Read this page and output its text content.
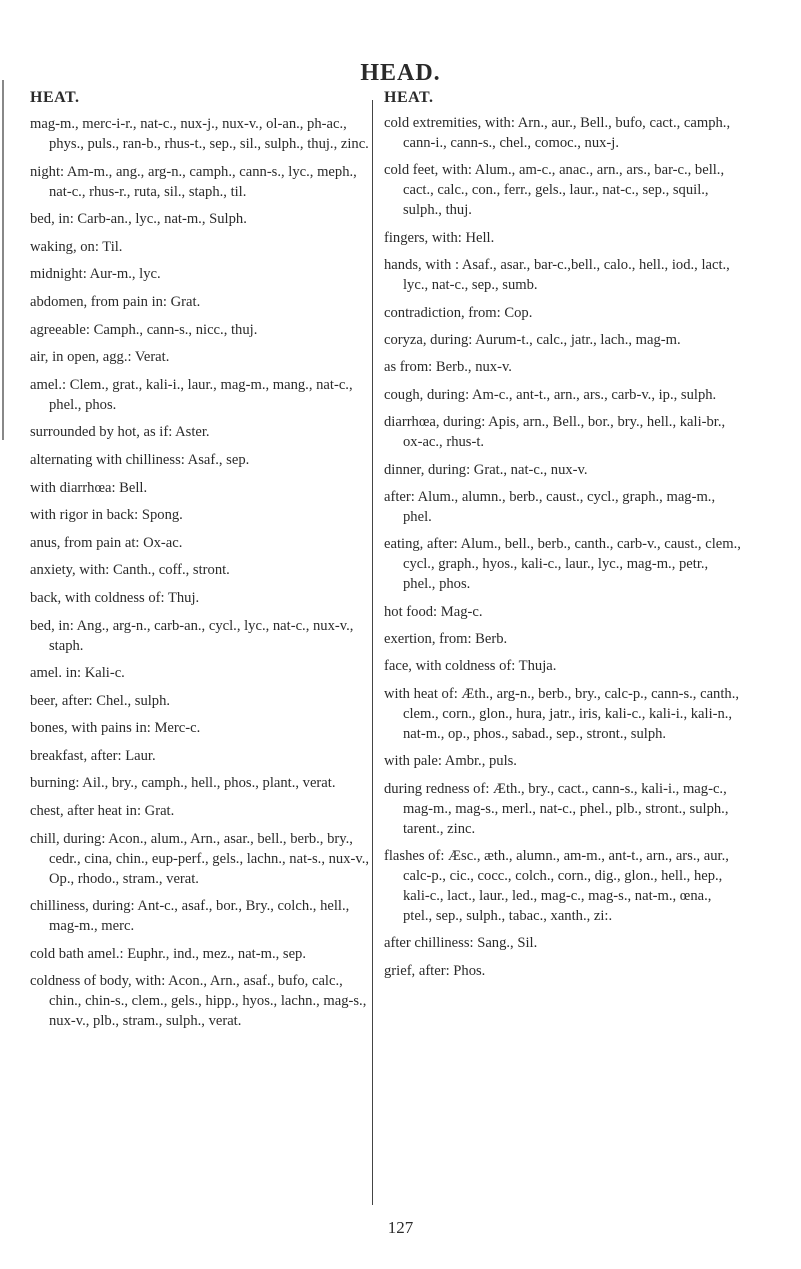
HEAD.
HEAT.

mag-m., merc-i-r., nat-c., nux-j., nux-v., ol-an., ph-ac., phys., puls., ran-b., rhus-t., sep., sil., sulph., thuj., zinc.

night: Am-m., ang., arg-n., camph., cann-s., lyc., meph., nat-c., rhus-r., ruta, sil., staph., til.

bed, in: Carb-an., lyc., nat-m., Sulph.

waking, on: Til.

midnight: Aur-m., lyc.

abdomen, from pain in: Grat.

agreeable: Camph., cann-s., nicc., thuj.

air, in open, agg.: Verat.

amel.: Clem., grat., kali-i., laur., mag-m., mang., nat-c., phel., phos.

surrounded by hot, as if: Aster.

alternating with chilliness: Asaf., sep.

with diarrhœa: Bell.

with rigor in back: Spong.

anus, from pain at: Ox-ac.

anxiety, with: Canth., coff., stront.

back, with coldness of: Thuj.

bed, in: Ang., arg-n., carb-an., cycl., lyc., nat-c., nux-v., staph.

amel. in: Kali-c.

beer, after: Chel., sulph.

bones, with pains in: Merc-c.

breakfast, after: Laur.

burning: Ail., bry., camph., hell., phos., plant., verat.

chest, after heat in: Grat.

chill, during: Acon., alum., Arn., asar., bell., berb., bry., cedr., cina, chin., eup-perf., gels., lachn., nat-s., nux-v., Op., rhodo., stram., verat.

chilliness, during: Ant-c., asaf., bor., Bry., colch., hell., mag-m., merc.

cold bath amel.: Euphr., ind., mez., nat-m., sep.

coldness of body, with: Acon., Arn., asaf., bufo, calc., chin., chin-s., clem., gels., hipp., hyos., lachn., mag-s., nux-v., plb., stram., sulph., verat.

HEAT.

cold extremities, with: Arn., aur., Bell., bufo, cact., camph., cann-i., cann-s., chel., comoc., nux-j.

cold feet, with: Alum., am-c., anac., arn., ars., bar-c., bell., cact., calc., con., ferr., gels., laur., nat-c., sep., squil., sulph., thuj.

fingers, with: Hell.

hands, with : Asaf., asar., bar-c.,bell., calo., hell., iod., lact., lyc., nat-c., sep., sumb.

contradiction, from: Cop.

coryza, during: Aurum-t., calc., jatr., lach., mag-m.

as from: Berb., nux-v.

cough, during: Am-c., ant-t., arn., ars., carb-v., ip., sulph.

diarrhœa, during: Apis, arn., Bell., bor., bry., hell., kali-br., ox-ac., rhus-t.

dinner, during: Grat., nat-c., nux-v.

after: Alum., alumn., berb., caust., cycl., graph., mag-m., phel.

eating, after: Alum., bell., berb., canth., carb-v., caust., clem., cycl., graph., hyos., kali-c., laur., lyc., mag-m., petr., phel., phos.

hot food: Mag-c.

exertion, from: Berb.

face, with coldness of: Thuja.

with heat of: Æth., arg-n., berb., bry., calc-p., cann-s., canth., clem., corn., glon., hura, jatr., iris, kali-c., kali-i., kali-n., nat-m., op., phos., sabad., sep., stront., sulph.

with pale: Ambr., puls.

during redness of: Æth., bry., cact., cann-s., kali-i., mag-c., mag-m., mag-s., merl., nat-c., phel., plb., stront., sulph., tarent., zinc.

flashes of: Æsc., æth., alumn., am-m., ant-t., arn., ars., aur., calc-p., cic., cocc., colch., corn., dig., glon., hell., hep., kali-c., lact., laur., led., mag-c., mag-s., nat-m., œna., ptel., sep., sulph., tabac., xanth., zi:.

after chilliness: Sang., Sil.

grief, after: Phos.

127
